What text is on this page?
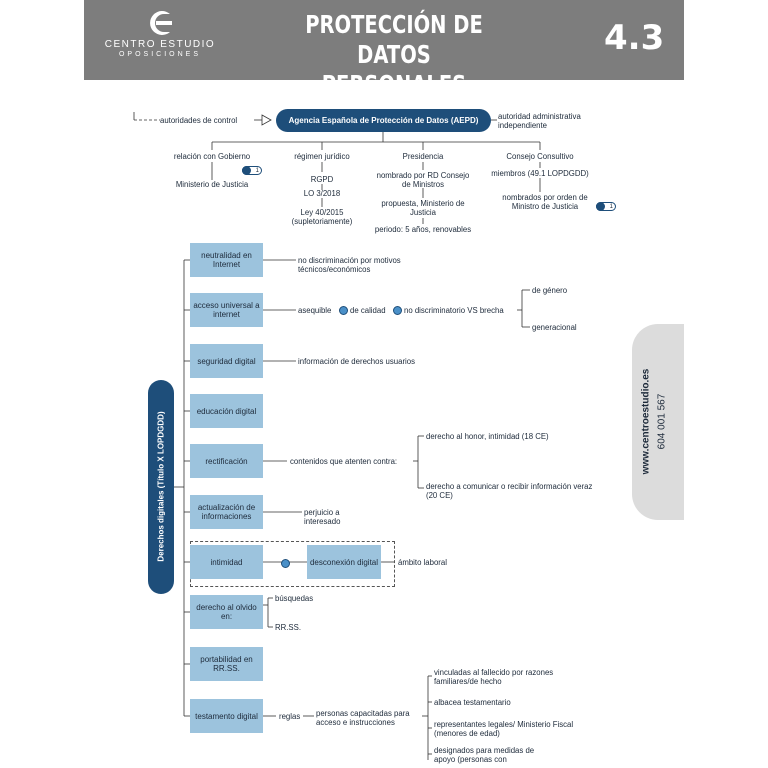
CENTRO ESTUDIO
OPOSICIONES
PROTECCIÓN DE DATOS
PERSONALES
4.3
autoridades de control	Agencia Española de Protección de Datos (AEPD)	autoridad administrativa independiente
relación con Gobierno
1
Ministerio de Justicia
régimen jurídico
RGPD
LO 3/2018
Ley 40/2015 (supletoriamente)
Presidencia
nombrado por RD Consejo de Ministros
propuesta, Ministerio de Justicia
periodo: 5 años, renovables
Consejo Consultivo
miembros (49.1 LOPDGDD)
nombrados por orden de Ministro de Justicia	1
Derechos digitales (Título X LOPDGDD)
neutralidad en Internet	no discriminación por motivos técnicos/económicos
acceso universal a internet	asequible de calidad no discriminatorio VS brecha
de género
generacional
seguridad digital	información de derechos usuarios
educación digital
rectificación	contenidos que atenten contra:
derecho al honor, intimidad (18 CE)
derecho a comunicar o recibir información veraz (20 CE)
actualización de informaciones	perjuicio a interesado
intimidad	desconexión digital	ámbito laboral
derecho al olvido en:
búsquedas
RR.SS.
portabilidad en RR.SS.
testamento digital	reglas personas capacitadas para acceso e instrucciones
vinculadas al fallecido por razones familiares/de hecho
albacea testamentario
representantes legales/ Ministerio Fiscal (menores de edad)
designados para medidas de apoyo (personas con
www.centroestudio.es 604 001 567
